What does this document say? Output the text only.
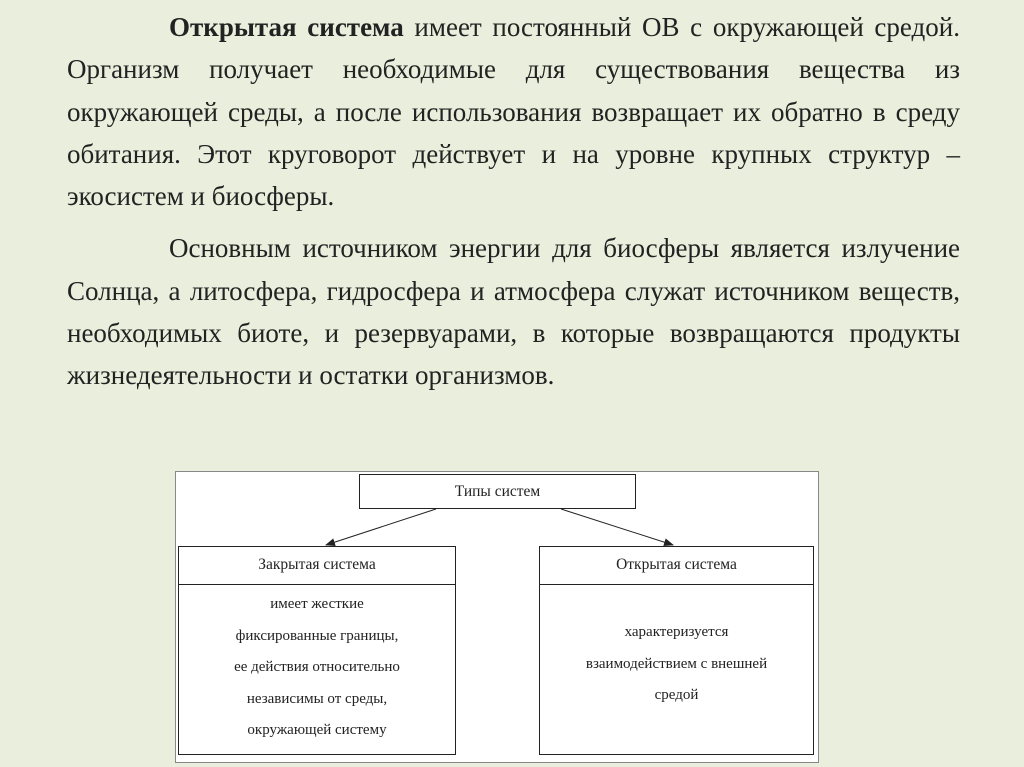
Открытая система имеет постоянный ОВ с окружающей средой. Организм получает необходимые для существования вещества из окружающей среды, а после использования возвращает их обратно в среду обитания. Этот круговорот действует и на уровне крупных структур – экосистем и биосферы.

Основным источником энергии для биосферы является излучение Солнца, а литосфера, гидросфера и атмосфера служат источником веществ, необходимых биоте, и резервуарами, в которые возвращаются продукты жизнедеятельности и остатки организмов.

Типы систем
Закрытая система
имеет жесткие
фиксированные границы,
ее действия относительно
независимы от среды,
окружающей систему
Открытая система
характеризуется
взаимодействием с внешней
средой
